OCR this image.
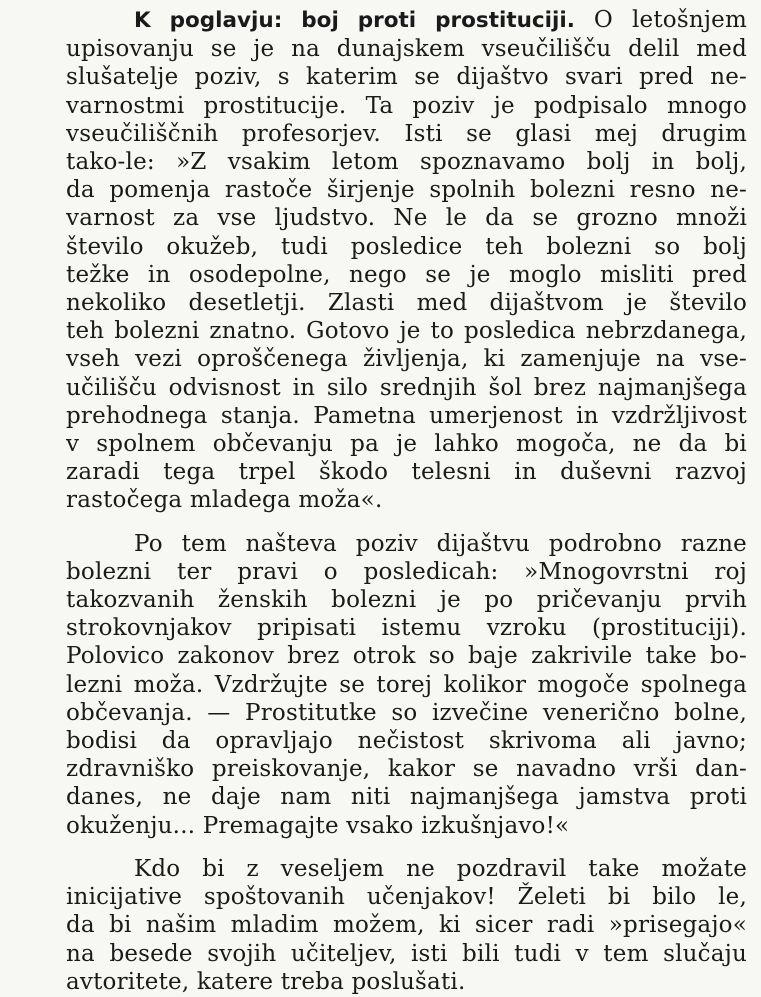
K poglavju: boj proti prostituciji. O letošnjem
upisovanju se je na dunajskem vseučilišču delil med
slušatelje poziv, s katerim se dijaštvo svari pred ne-
varnostmi prostitucije. Ta poziv je podpisalo mnogo
vseučiliščnih profesorjev. Isti se glasi mej drugim
tako-le: »Z vsakim letom spoznavamo bolj in bolj,
da pomenja rastoče širjenje spolnih bolezni resno ne-
varnost za vse ljudstvo. Ne le da se grozno množi
število okužeb, tudi posledice teh bolezni so bolj
težke in osodepolne, nego se je moglo misliti pred
nekoliko desetletji. Zlasti med dijaštvom je število
teh bolezni znatno. Gotovo je to posledica nebrzdanega,
vseh vezi oproščenega življenja, ki zamenjuje na vse-
učilišču odvisnost in silo srednjih šol brez najmanjšega
prehodnega stanja. Pametna umerjenost in vzdržljivost
v spolnem občevanju pa je lahko mogoča, ne da bi
zaradi tega trpel škodo telesni in duševni razvoj
rastočega mladega moža«.
Po tem našteva poziv dijaštvu podrobno razne
bolezni ter pravi o posledicah: »Mnogovrstni roj
takozvanih ženskih bolezni je po pričevanju prvih
strokovnjakov pripisati istemu vzroku (prostituciji).
Polovico zakonov brez otrok so baje zakrivile take bo-
lezni moža. Vzdržujte se torej kolikor mogoče spolnega
občevanja. — Prostitutke so izvečine venerično bolne,
bodisi da opravljajo nečistost skrivoma ali javno;
zdravniško preiskovanje, kakor se navadno vrši dan-
danes, ne daje nam niti najmanjšega jamstva proti
okuženju... Premagajte vsako izkušnjavo!«
Kdo bi z veseljem ne pozdravil take možate
inicijative spoštovanih učenjakov! Želeti bi bilo le,
da bi našim mladim možem, ki sicer radi »prisegajo«
na besede svojih učiteljev, isti bili tudi v tem slučaju
avtoritete, katere treba poslušati.
